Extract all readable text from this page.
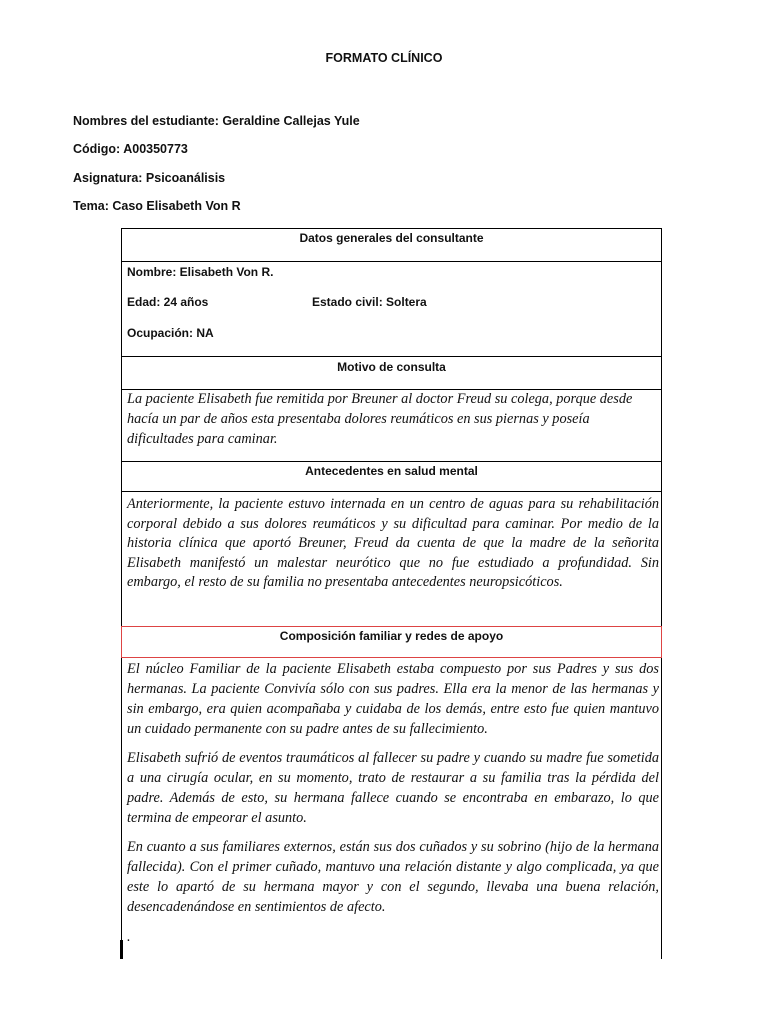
FORMATO CLÍNICO
Nombres del estudiante: Geraldine Callejas Yule
Código: A00350773
Asignatura: Psicoanálisis
Tema: Caso Elisabeth Von R
Datos generales del consultante
Nombre: Elisabeth Von R.
Edad: 24 años	Estado civil: Soltera
Ocupación: NA
Motivo de consulta

La paciente Elisabeth fue remitida por Breuner al doctor Freud su colega, porque desde hacía un par de años esta presentaba dolores reumáticos en sus piernas y poseía dificultades para caminar.

Antecedentes en salud mental

Anteriormente, la paciente estuvo internada en un centro de aguas para su rehabilitación corporal debido a sus dolores reumáticos y su dificultad para caminar. Por medio de la historia clínica que aportó Breuner, Freud da cuenta de que la madre de la señorita Elisabeth manifestó un malestar neurótico que no fue estudiado a profundidad. Sin embargo, el resto de su familia no presentaba antecedentes neuropsicóticos.

Composición familiar y redes de apoyo

El núcleo Familiar de la paciente Elisabeth estaba compuesto por sus Padres y sus dos hermanas. La paciente Convivía sólo con sus padres. Ella era la menor de las hermanas y sin embargo, era quien acompañaba y cuidaba de los demás, entre esto fue quien mantuvo un cuidado permanente con su padre antes de su fallecimiento.

Elisabeth sufrió de eventos traumáticos al fallecer su padre y cuando su madre fue sometida a una cirugía ocular, en su momento, trato de restaurar a su familia tras la pérdida del padre. Además de esto, su hermana fallece cuando se encontraba en embarazo, lo que termina de empeorar el asunto.

En cuanto a sus familiares externos, están sus dos cuñados y su sobrino (hijo de la hermana fallecida). Con el primer cuñado, mantuvo una relación distante y algo complicada, ya que este lo apartó de su hermana mayor y con el segundo, llevaba una buena relación, desencadenándose en sentimientos de afecto.

.
